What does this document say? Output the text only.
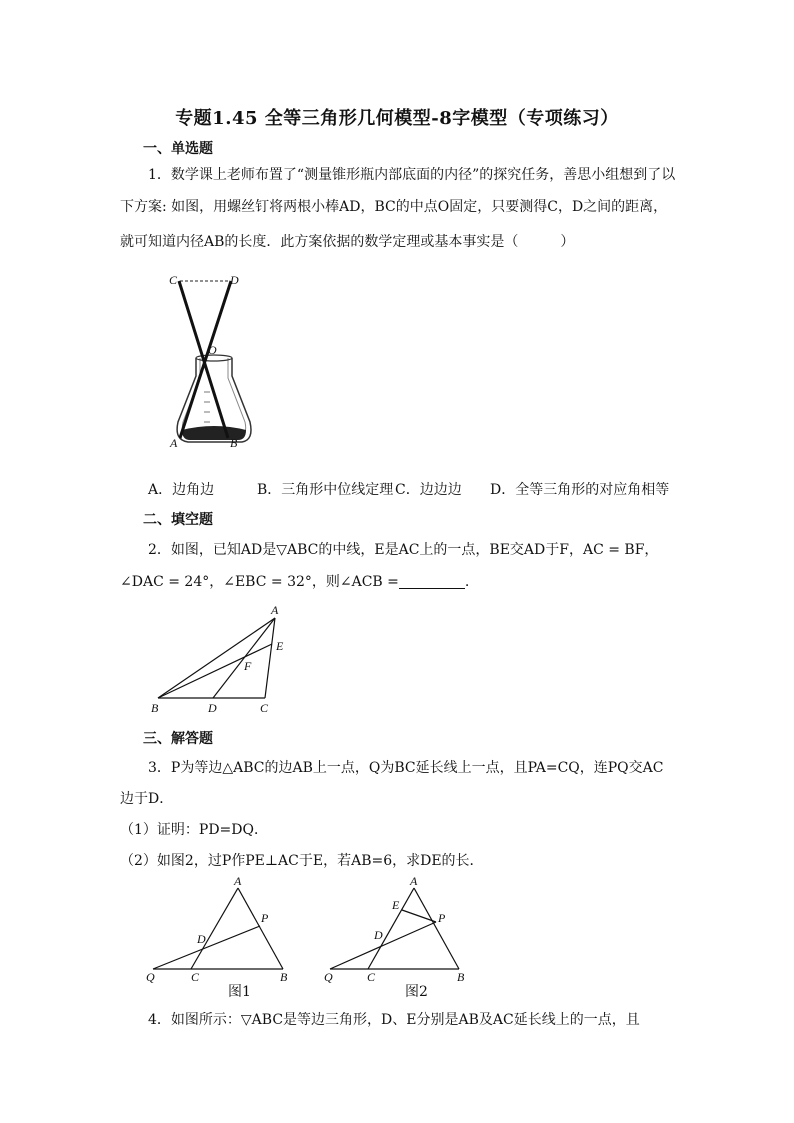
专题1.45 全等三角形几何模型-8字模型（专项练习）
一、单选题
1．数学课上老师布置了“测量锥形瓶内部底面的内径”的探究任务，善思小组想到了以
下方案: 如图，用螺丝钉将两根小棒AD，BC的中点O固定，只要测得C，D之间的距离，
就可知道内径AB的长度．此方案依据的数学定理或基本事实是（　　　）
C	D
O
A	B
A．边角边	B．三角形中位线定理 C．边边边 D．全等三角形的对应角相等
二、填空题
2．如图，已知AD是▽ABC的中线，E是AC上的一点，BE交AD于F，AC = BF，
∠DAC = 24°，∠EBC = 32°，则∠ACB =	.
A
E
F
B	D	C
三、解答题
3．P为等边△ABC的边AB上一点，Q为BC延长线上一点，且PA=CQ，连PQ交AC
边于D．
（1）证明：PD=DQ．
（2）如图2，过P作PE⊥AC于E，若AB=6，求DE的长．
A
P
D
Q	C	B
图1
A
E
P
D
Q	C	B
图2
4．如图所示：▽ABC是等边三角形，D、E分别是AB及AC延长线上的一点，且
